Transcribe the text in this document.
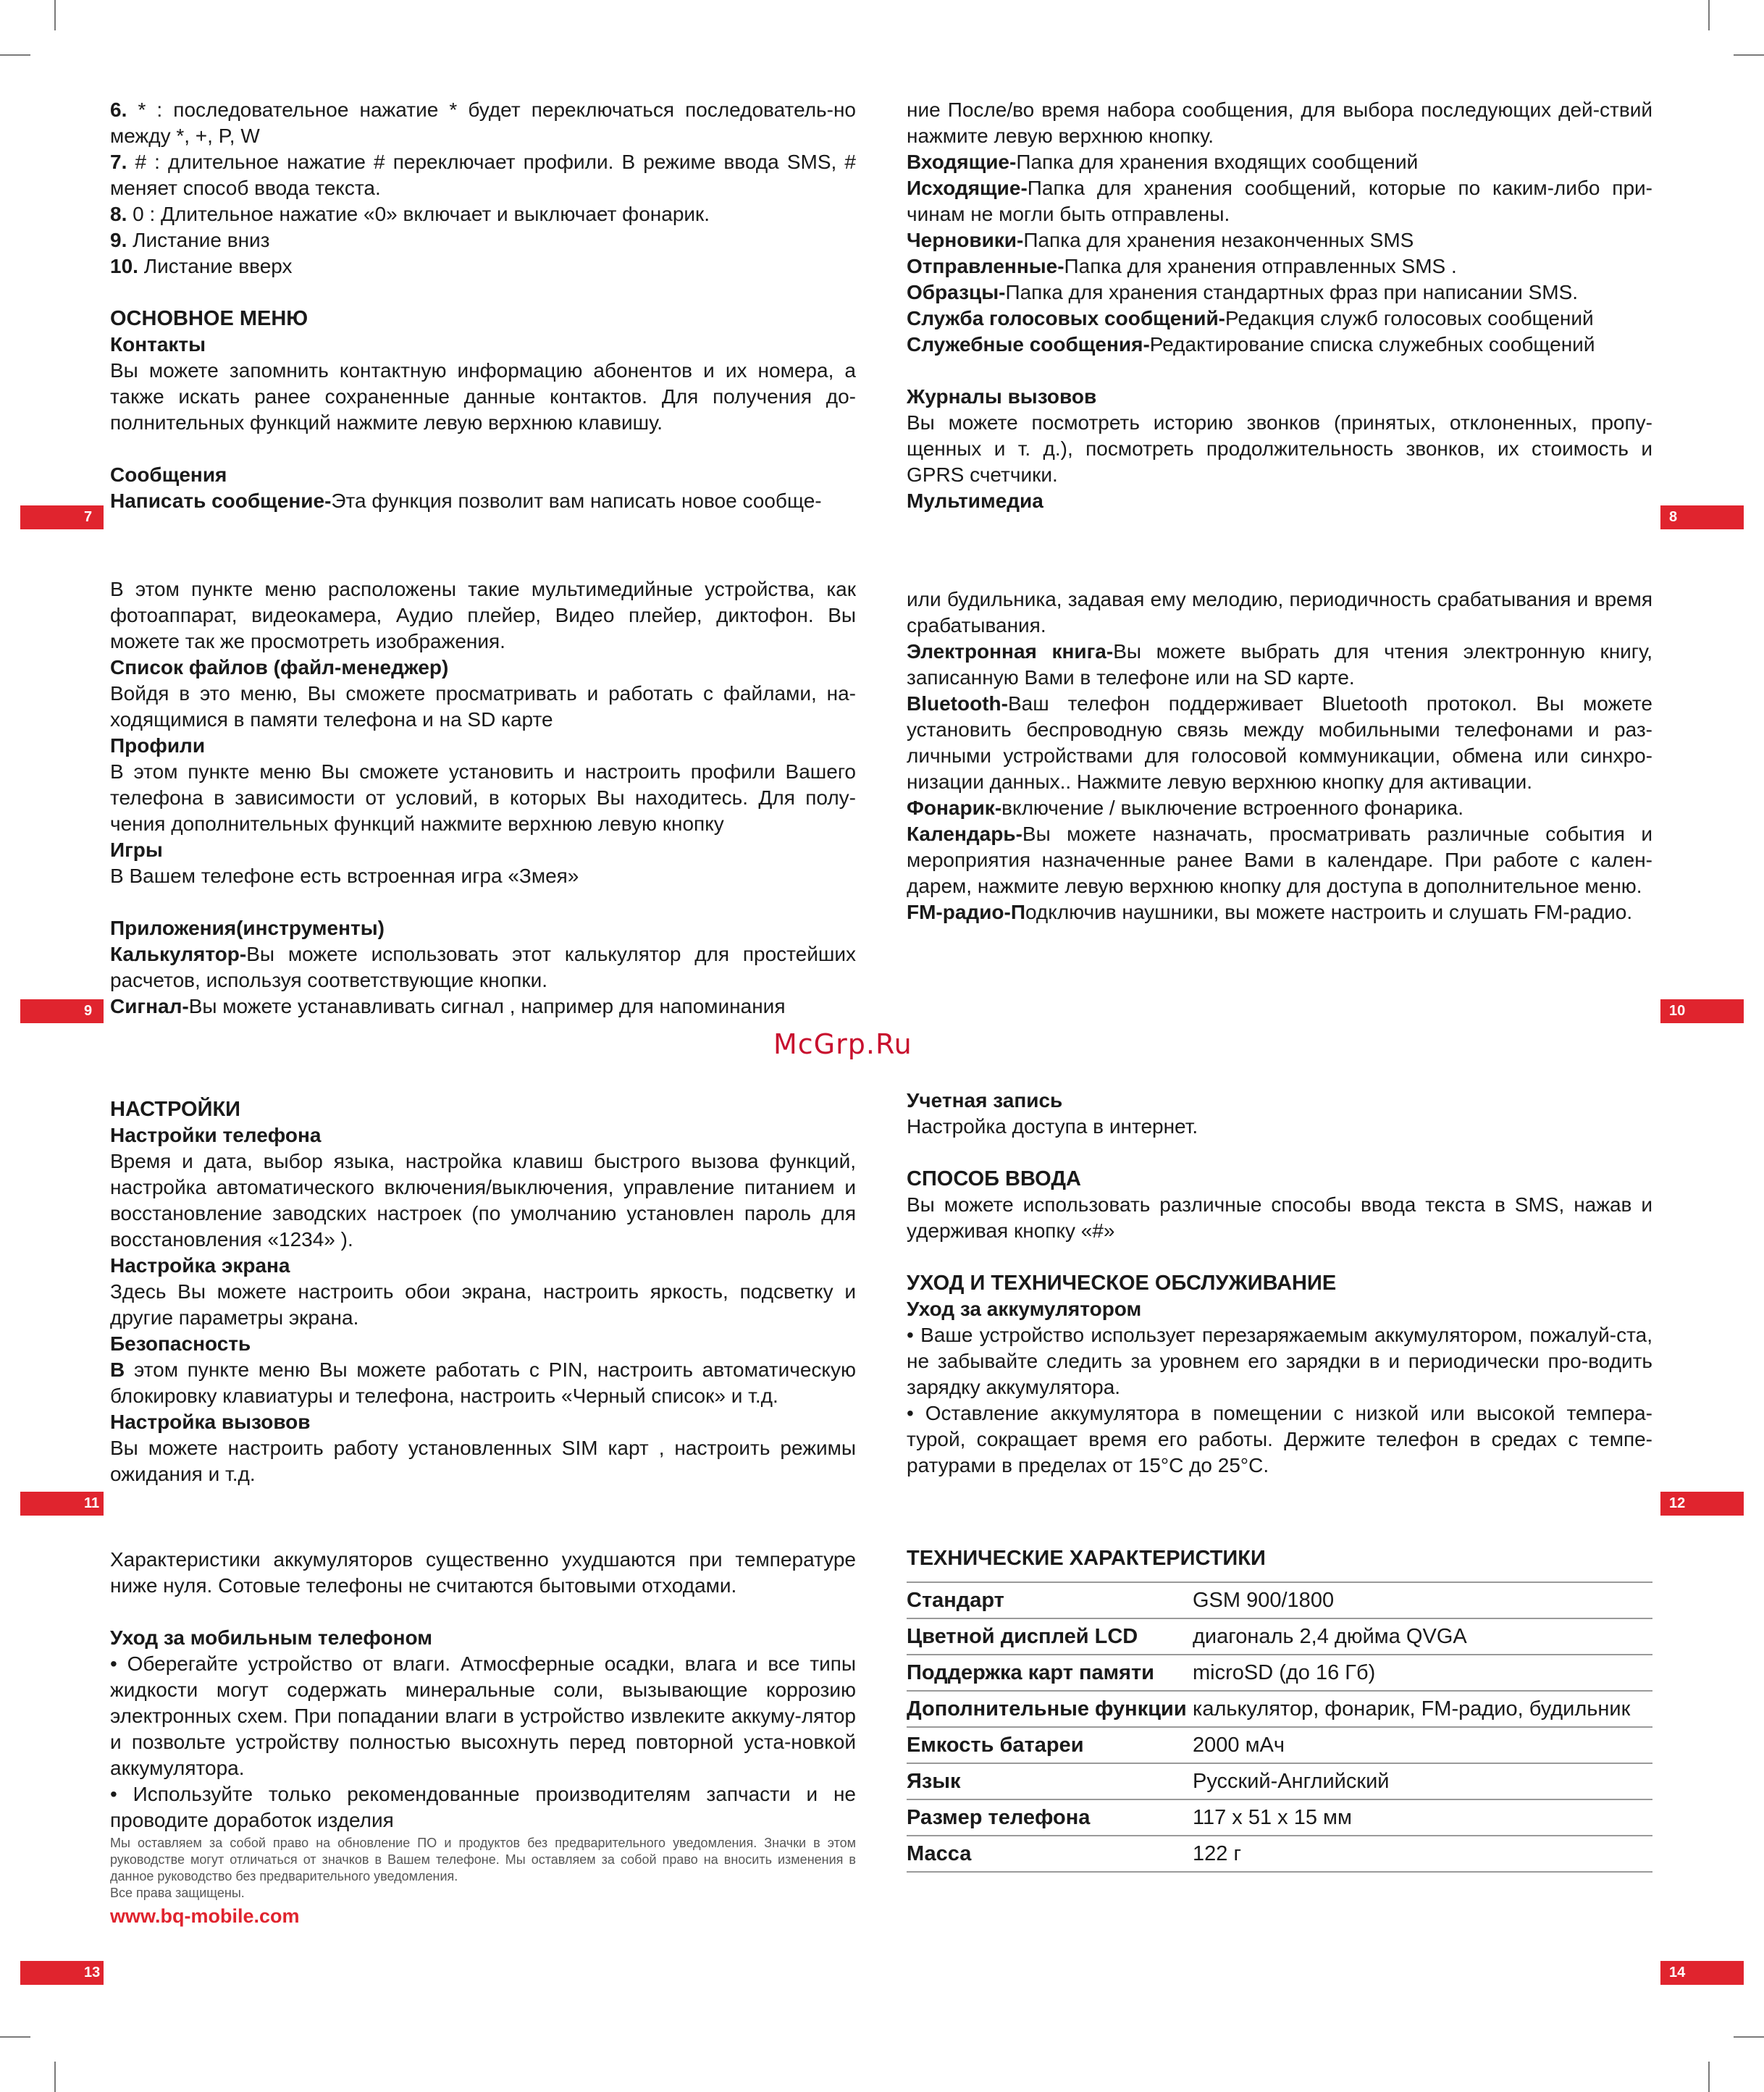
6. * : последовательное нажатие * будет переключаться последователь-но между *, +, P, W

7. # : длительное нажатие # переключает профили. В режиме ввода SMS, # меняет способ ввода текста.

8. 0 : Длительное нажатие «0» включает и выключает фонарик.

9. Листание вниз

10. Листание вверх

ОСНОВНОЕ МЕНЮ

Контакты

Вы можете запомнить контактную информацию абонентов и их номера, а также искать ранее сохраненные данные контактов. Для получения до-полнительных функций нажмите левую верхнюю клавишу.

Сообщения

Написать сообщение-Эта функция позволит вам написать новое сообще-

7

ние После/во время набора сообщения, для выбора последующих дей-ствий нажмите левую верхнюю кнопку.

Входящие-Папка для хранения входящих сообщений

Исходящие-Папка для хранения сообщений, которые по каким-либо при-чинам не могли быть отправлены.

Черновики-Папка для хранения незаконченных SMS

Отправленные-Папка для хранения отправленных SMS .

Образцы-Папка для хранения стандартных фраз при написании SMS.

Служба голосовых сообщений-Редакция служб голосовых сообщений

Служебные сообщения-Редактирование списка служебных сообщений

Журналы вызовов

Вы можете посмотреть историю звонков (принятых, отклоненных, пропу-щенных и т. д.), посмотреть продолжительность звонков, их стоимость и GPRS счетчики.

Мультимедиа

8

В этом пункте меню расположены такие мультимедийные устройства, как фотоаппарат, видеокамера, Аудио плейер, Видео плейер, диктофон. Вы можете так же просмотреть изображения.

Список файлов (файл-менеджер)

Войдя в это меню, Вы сможете просматривать и работать с файлами, на-ходящимися в памяти телефона и на SD карте

Профили

В этом пункте меню Вы сможете установить и настроить профили Вашего телефона в зависимости от условий, в которых Вы находитесь. Для полу-чения дополнительных функций нажмите верхнюю левую кнопку

Игры

В Вашем телефоне есть встроенная игра «Змея»

Приложения(инструменты)

Калькулятор-Вы можете использовать этот калькулятор для простейших расчетов, используя соответствующие кнопки.

Сигнал-Вы можете устанавливать сигнал , например для напоминания

9

или будильника, задавая ему мелодию, периодичность срабатывания и время срабатывания.

Электронная книга-Вы можете выбрать для чтения электронную книгу, записанную Вами в телефоне или на SD карте.

Bluetooth-Ваш телефон поддерживает Bluetooth протокол. Вы можете установить беспроводную связь между мобильными телефонами и раз-личными устройствами для голосовой коммуникации, обмена или синхро-низации данных.. Нажмите левую верхнюю кнопку для активации.

Фонарик-включение / выключение встроенного фонарика.

Календарь-Вы можете назначать, просматривать различные события и мероприятия назначенные ранее Вами в календаре. При работе с кален-дарем, нажмите левую верхнюю кнопку для доступа в дополнительное меню.

FM-радио-Подключив наушники, вы можете настроить и слушать FM-радио.

10
McGrp.Ru

НАСТРОЙКИ

Настройки телефона

Время и дата, выбор языка, настройка клавиш быстрого вызова функций, настройка автоматического включения/выключения, управление питанием и восстановление заводских настроек (по умолчанию установлен пароль для восстановления «1234» ).

Настройка экрана

Здесь Вы можете настроить обои экрана, настроить яркость, подсветку и другие параметры экрана.

Безопасность

В этом пункте меню Вы можете работать с PIN, настроить автоматическую блокировку клавиатуры и телефона, настроить «Черный список» и т.д.

Настройка вызовов

Вы можете настроить работу установленных SIM карт , настроить режимы ожидания и т.д.

11

Учетная запись

Настройка доступа в интернет.

СПОСОБ ВВОДА

Вы можете использовать различные способы ввода текста в SMS, нажав и удерживая кнопку «#»

УХОД И ТЕХНИЧЕСКОЕ ОБСЛУЖИВАНИЕ

Уход за аккумулятором

• Ваше устройство использует перезаряжаемым аккумулятором, пожалуй-ста, не забывайте следить за уровнем его зарядки в и периодически про-водить зарядку аккумулятора.

• Оставление аккумулятора в помещении с низкой или высокой темпера-турой, сокращает время его работы. Держите телефон в средах с темпе-ратурами в пределах от 15°С до 25°С.

12

Характеристики аккумуляторов существенно ухудшаются при температуре ниже нуля. Сотовые телефоны не считаются бытовыми отходами.

Уход за мобильным телефоном

• Оберегайте устройство от влаги. Атмосферные осадки, влага и все типы жидкости могут содержать минеральные соли, вызывающие коррозию электронных схем. При попадании влаги в устройство извлеките аккуму-лятор и позвольте устройству полностью высохнуть перед повторной уста-новкой аккумулятора.

• Используйте только рекомендованные производителям запчасти и не проводите доработок изделия

Мы оставляем за собой право на обновление ПО и продуктов без предварительного уведомления. Значки в этом руководстве могут отличаться от значков в Вашем телефоне. Мы оставляем за собой право на вносить изменения в данное руководство без предварительного уведомления.

Все права защищены.

www.bq-mobile.com

13

ТЕХНИЧЕСКИЕ ХАРАКТЕРИСТИКИ

Стандарт	GSM 900/1800
Цветной дисплей LCD	диагональ 2,4 дюйма QVGA
Поддержка карт памяти	microSD (до 16 Гб)
Дополнительные функции	калькулятор, фонарик, FM-радио, будильник
Емкость батареи	2000 мАч
Язык	Русский-Английский
Размер телефона	117 x 51 x 15 мм
Масса	122 г
14
